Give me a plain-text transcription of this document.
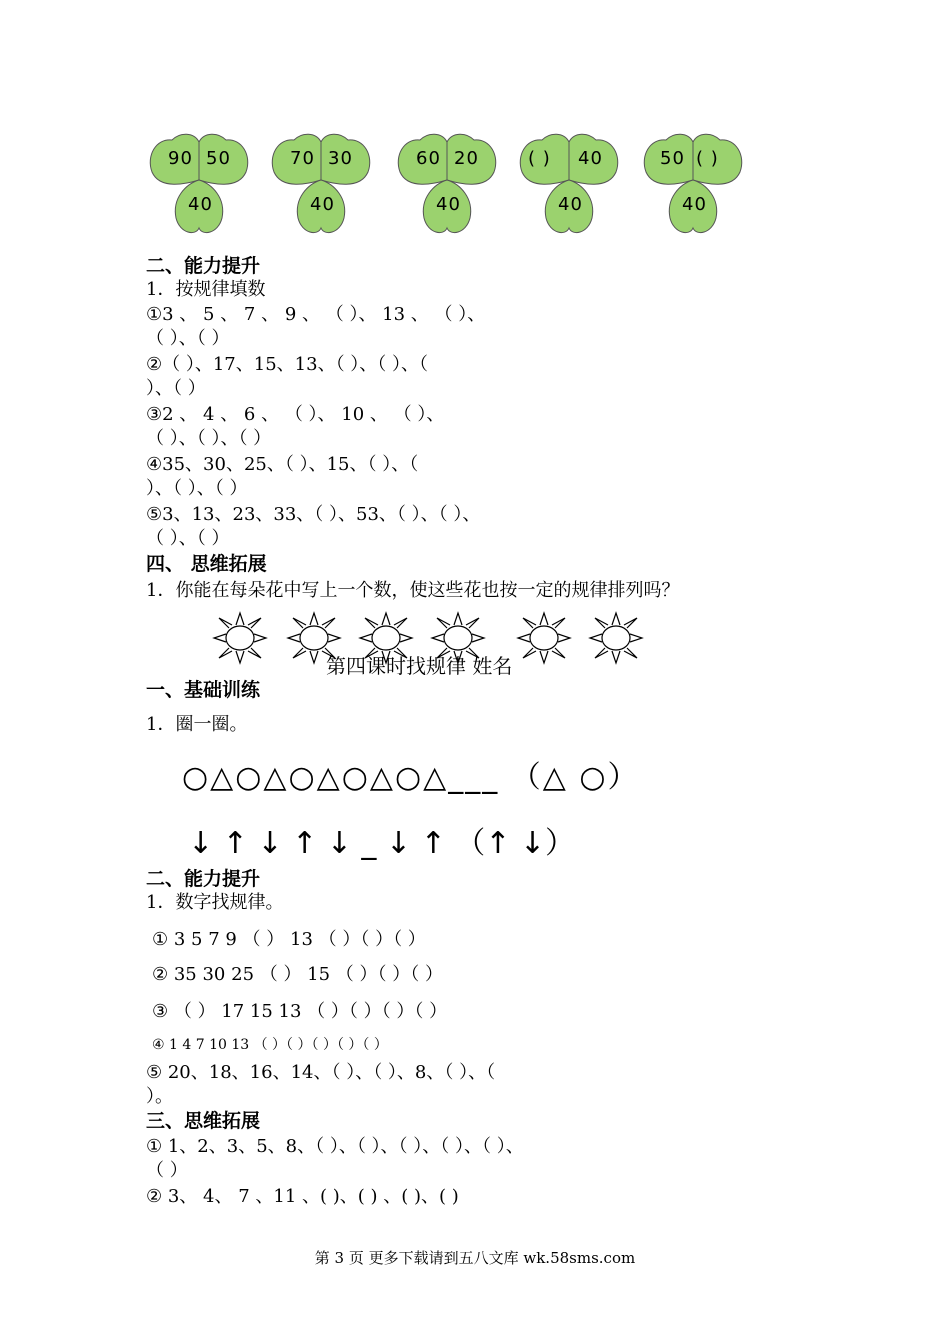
90 50
40
70 30
40
60 20
40
( ) 40
40
50 ( )
40
二、能力提升
1．按规律填数
①3 、 5 、 7 、 9 、 （ ）、 13 、 （ ）、
（ ）、（ ）
②（ ）、17、15、13、（ ）、（ ）、（
）、（ ）
③2 、 4 、 6 、 （ ）、 10 、 （ ）、
（ ）、（ ）、（ ）
④35、30、25、（ ）、15、（ ）、（
）、（ ）、（ ）
⑤3、13、23、33、（ ）、53、（ ）、（ ）、
（ ）、（ ）
四、 思维拓展
1．你能在每朵花中写上一个数，使这些花也按一定的规律排列吗？
第四课时找规律 姓名
一、基础训练
1．圈一圈。
○△○△○△○△○△___ （△ ○）
↓ ↑ ↓ ↑ ↓ _ ↓ ↑ （↑ ↓）
二、能力提升
1．数字找规律。
① 3 5 7 9 （ ） 13 （ ）（ ）（ ）
② 35 30 25 （ ） 15 （ ）（ ）（ ）
③ （ ） 17 15 13 （ ）（ ）（ ）（ ）
④ 1 4 7 10 13 （ ）（ ）（ ）（ ）（ ）
⑤ 20、18、16、14、（ ）、（ ）、8、（ ）、（
）。
三、思维拓展
① 1、2、3、5、8、（ ）、（ ）、（ ）、（ ）、（ ）、
（ ）
② 3、 4、 7 、11 、( )、( ) 、( )、( )
第 3 页 更多下载请到五八文库 wk.58sms.com
